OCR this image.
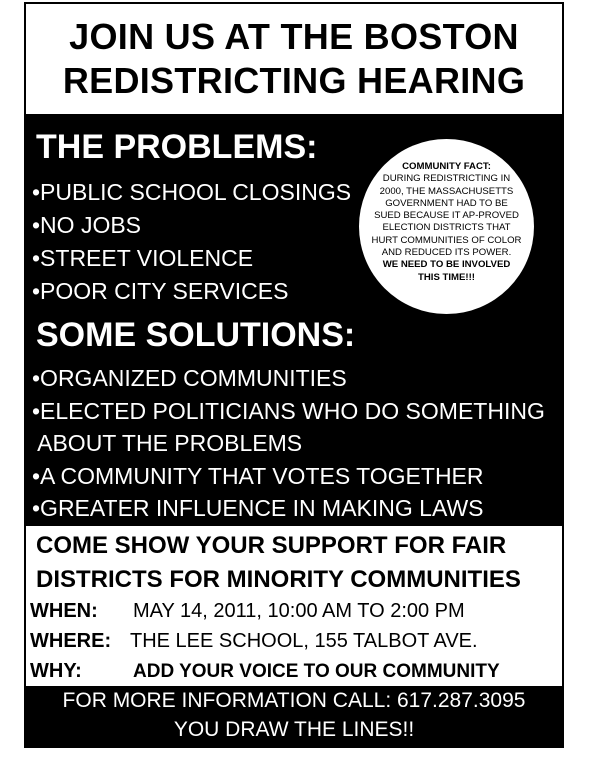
JOIN US AT THE BOSTON
REDISTRICTING HEARING
THE PROBLEMS:
•PUBLIC SCHOOL CLOSINGS
•NO JOBS
•STREET VIOLENCE
•POOR CITY SERVICES
COMMUNITY FACT:
DURING REDISTRICTING IN 2000, THE MASSACHUSETTS GOVERNMENT HAD TO BE SUED BECAUSE IT AP-PROVED ELECTION DISTRICTS THAT HURT COMMUNITIES OF COLOR AND REDUCED ITS POWER.
WE NEED TO BE INVOLVED THIS TIME!!!
SOME SOLUTIONS:
•ORGANIZED COMMUNITIES
•ELECTED POLITICIANS WHO DO SOMETHING
ABOUT THE PROBLEMS
•A COMMUNITY THAT VOTES TOGETHER
•GREATER INFLUENCE IN MAKING LAWS
COME SHOW YOUR SUPPORT FOR FAIR
DISTRICTS FOR MINORITY COMMUNITIES
WHEN: MAY 14, 2011, 10:00 AM TO 2:00 PM
WHERE: THE LEE SCHOOL, 155 TALBOT AVE.
WHY:	ADD YOUR VOICE TO OUR COMMUNITY
FOR MORE INFORMATION CALL: 617.287.3095
YOU DRAW THE LINES!!
